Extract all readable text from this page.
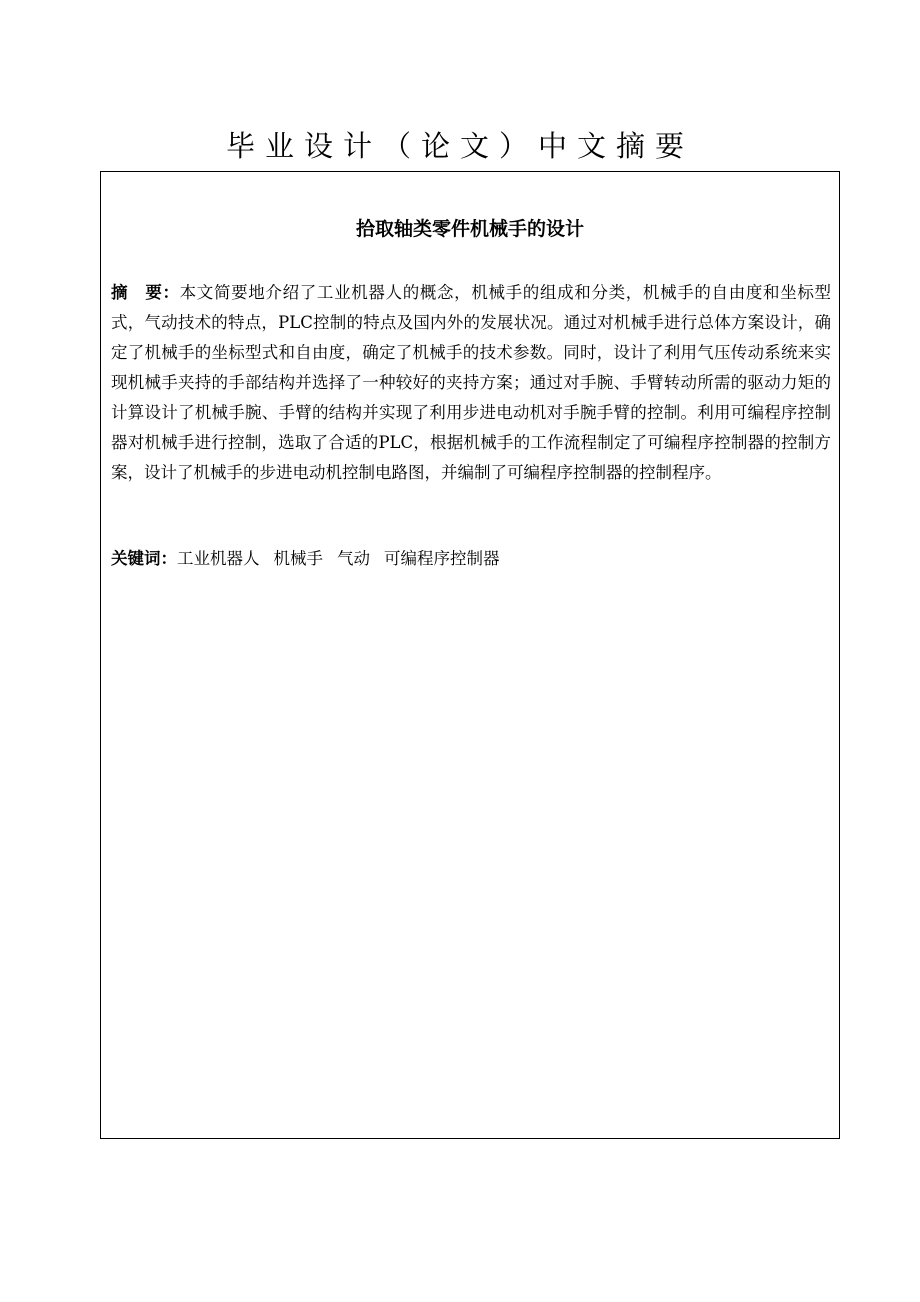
毕业设计（论文）中文摘要
拾取轴类零件机械手的设计

摘　要：本文简要地介绍了工业机器人的概念，机械手的组成和分类，机械手的自由度和坐标型式，气动技术的特点，PLC控制的特点及国内外的发展状况。通过对机械手进行总体方案设计，确定了机械手的坐标型式和自由度，确定了机械手的技术参数。同时，设计了利用气压传动系统来实现机械手夹持的手部结构并选择了一种较好的夹持方案；通过对手腕、手臂转动所需的驱动力矩的计算设计了机械手腕、手臂的结构并实现了利用步进电动机对手腕手臂的控制。利用可编程序控制器对机械手进行控制，选取了合适的PLC，根据机械手的工作流程制定了可编程序控制器的控制方案，设计了机械手的步进电动机控制电路图，并编制了可编程序控制器的控制程序。

关键词：工业机器人 机械手 气动 可编程序控制器
